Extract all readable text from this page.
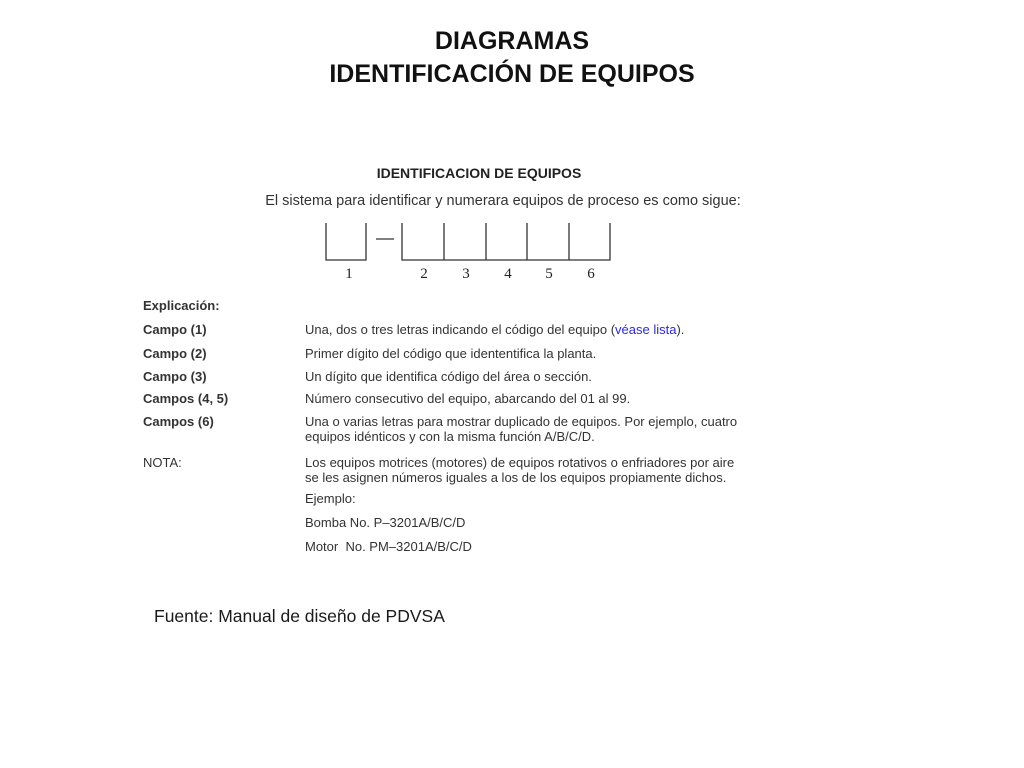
DIAGRAMAS
IDENTIFICACIÓN DE EQUIPOS
IDENTIFICACION DE EQUIPOS
El sistema para identificar y numerara equipos de proceso es como sigue:
1	2 3 4 5 6
Explicación:
Campo (1)	Una, dos o tres letras indicando el código del equipo (véase lista).
Campo (2)	Primer dígito del código que idententifica la planta.
Campo (3)	Un dígito que identifica código del área o sección.
Campos (4, 5)	Número consecutivo del equipo, abarcando del 01 al 99.
Campos (6)	Una o varias letras para mostrar duplicado de equipos. Por ejemplo, cuatro
equipos idénticos y con la misma función A/B/C/D.
NOTA:	Los equipos motrices (motores) de equipos rotativos o enfriadores por aire
se les asignen números iguales a los de los equipos propiamente dichos.
Ejemplo:
Bomba No. P–3201A/B/C/D
Motor  No. PM–3201A/B/C/D
Fuente: Manual de diseño de PDVSA
